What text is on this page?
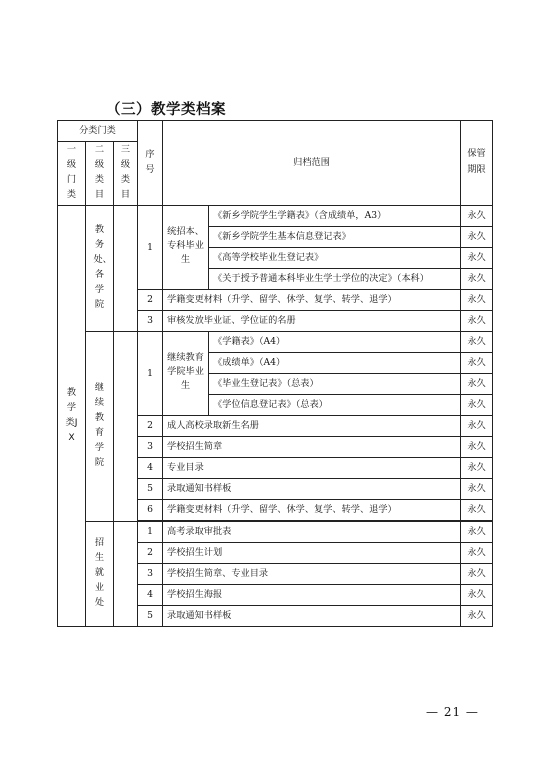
（三）教学类档案
分类门类			序号	归档范围		保管期限
一级门类	二级类目	三级类目				
教学类JX	教务处、各学院		1	统招本、专科毕业生	《新乡学院学生学籍表》（含成绩单，A3）	永久
					《新乡学院学生基本信息登记表》	永久
					《高等学校毕业生登记表》	永久
					《关于授予普通本科毕业生学士学位的决定》（本科）	永久
			2	学籍变更材料（升学、留学、休学、复学、转学、退学）		永久
			3	审核发放毕业证、学位证的名册		永久
	继续教育学院		1	继续教育学院毕业生	《学籍表》（A4）	永久
					《成绩单》（A4）	永久
					《毕业生登记表》（总表）	永久
					《学位信息登记表》（总表）	永久
			2	成人高校录取新生名册		永久
			3	学校招生简章		永久
			4	专业目录		永久
			5	录取通知书样板		永久
			6	学籍变更材料（升学、留学、休学、复学、转学、退学）		永久

	招生就业处		1	高考录取审批表		永久
			2	学校招生计划		永久
			3	学校招生简章、专业目录		永久
			4	学校招生海报		永久
			5	录取通知书样板		永久
— 21 —
